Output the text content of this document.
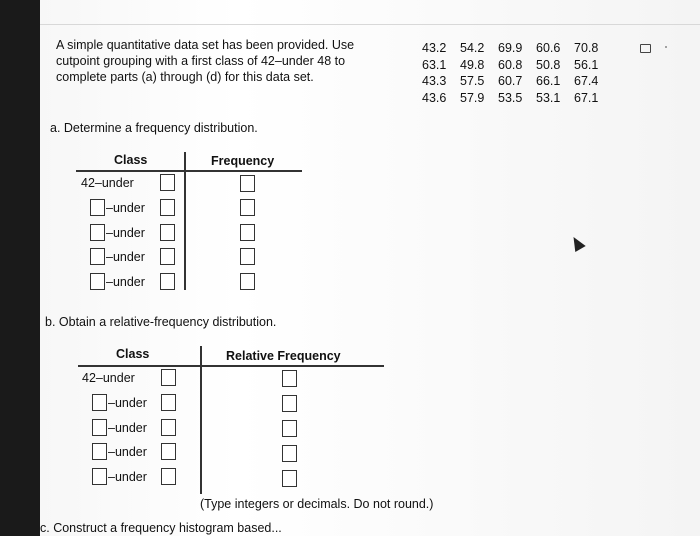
A simple quantitative data set has been provided. Use
cutpoint grouping with a first class of 42–under 48 to
complete parts (a) through (d) for this data set.
43.2	54.2	69.9	60.6	70.8
63.1	49.8	60.8	50.8	56.1
43.3	57.5	60.7	66.1	67.4
43.6	57.9	53.5	53.1	67.1
a. Determine a frequency distribution.
Class	Frequency
42–under
–under
–under
–under
–under
b. Obtain a relative-frequency distribution.
Class	Relative Frequency
42–under
–under
–under
–under
–under
(Type integers or decimals. Do not round.)
c. Construct a frequency histogram based...
